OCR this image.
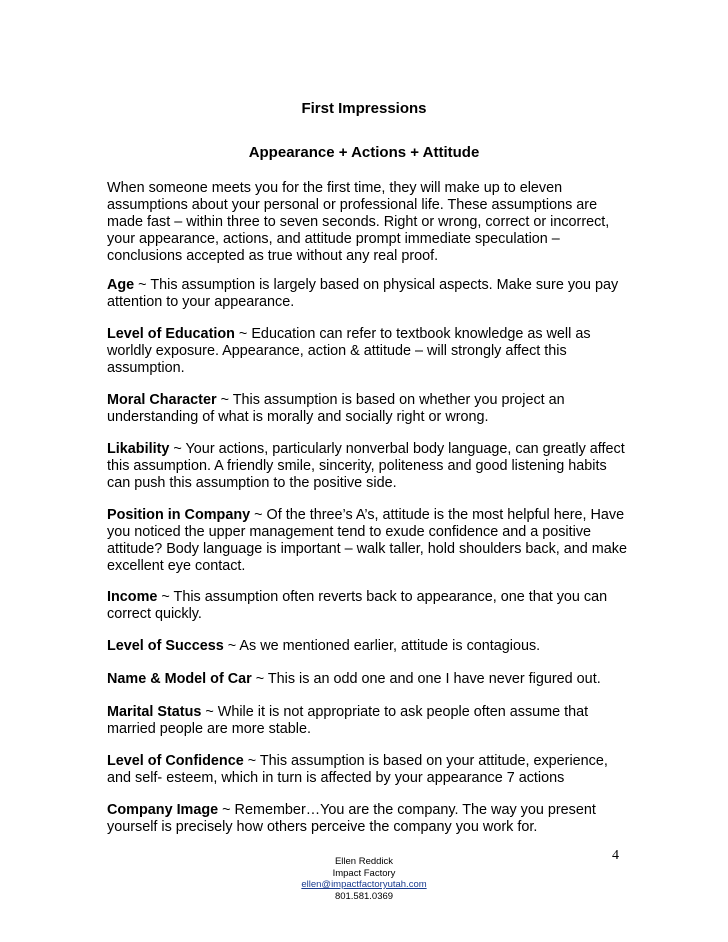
First Impressions
Appearance + Actions + Attitude
When someone meets you for the first time, they will make up to eleven assumptions about your personal or professional life. These assumptions are made fast – within three to seven seconds. Right or wrong, correct or incorrect, your appearance, actions, and attitude prompt immediate speculation – conclusions accepted as true without any real proof.
Age ~ This assumption is largely based on physical aspects. Make sure you pay attention to your appearance.
Level of Education ~ Education can refer to textbook knowledge as well as worldly exposure. Appearance, action & attitude – will strongly affect this assumption.
Moral Character ~ This assumption is based on whether you project an understanding of what is morally and socially right or wrong.
Likability ~ Your actions, particularly nonverbal body language, can greatly affect this assumption. A friendly smile, sincerity, politeness and good listening habits can push this assumption to the positive side.
Position in Company ~ Of the three’s A’s, attitude is the most helpful here, Have you noticed the upper management tend to exude confidence and a positive attitude? Body language is important – walk taller, hold shoulders back, and make excellent eye contact.
Income ~ This assumption often reverts back to appearance, one that you can correct quickly.
Level of Success ~ As we mentioned earlier, attitude is contagious.
Name & Model of Car ~ This is an odd one and one I have never figured out.
Marital Status ~ While it is not appropriate to ask people often assume that married people are more stable.
Level of Confidence ~ This assumption is based on your attitude, experience, and self- esteem, which in turn is affected by your appearance 7 actions
Company Image ~ Remember…You are the company. The way you present yourself is precisely how others perceive the company you work for.
4
Ellen Reddick
Impact Factory
ellen@impactfactoryutah.com
801.581.0369
